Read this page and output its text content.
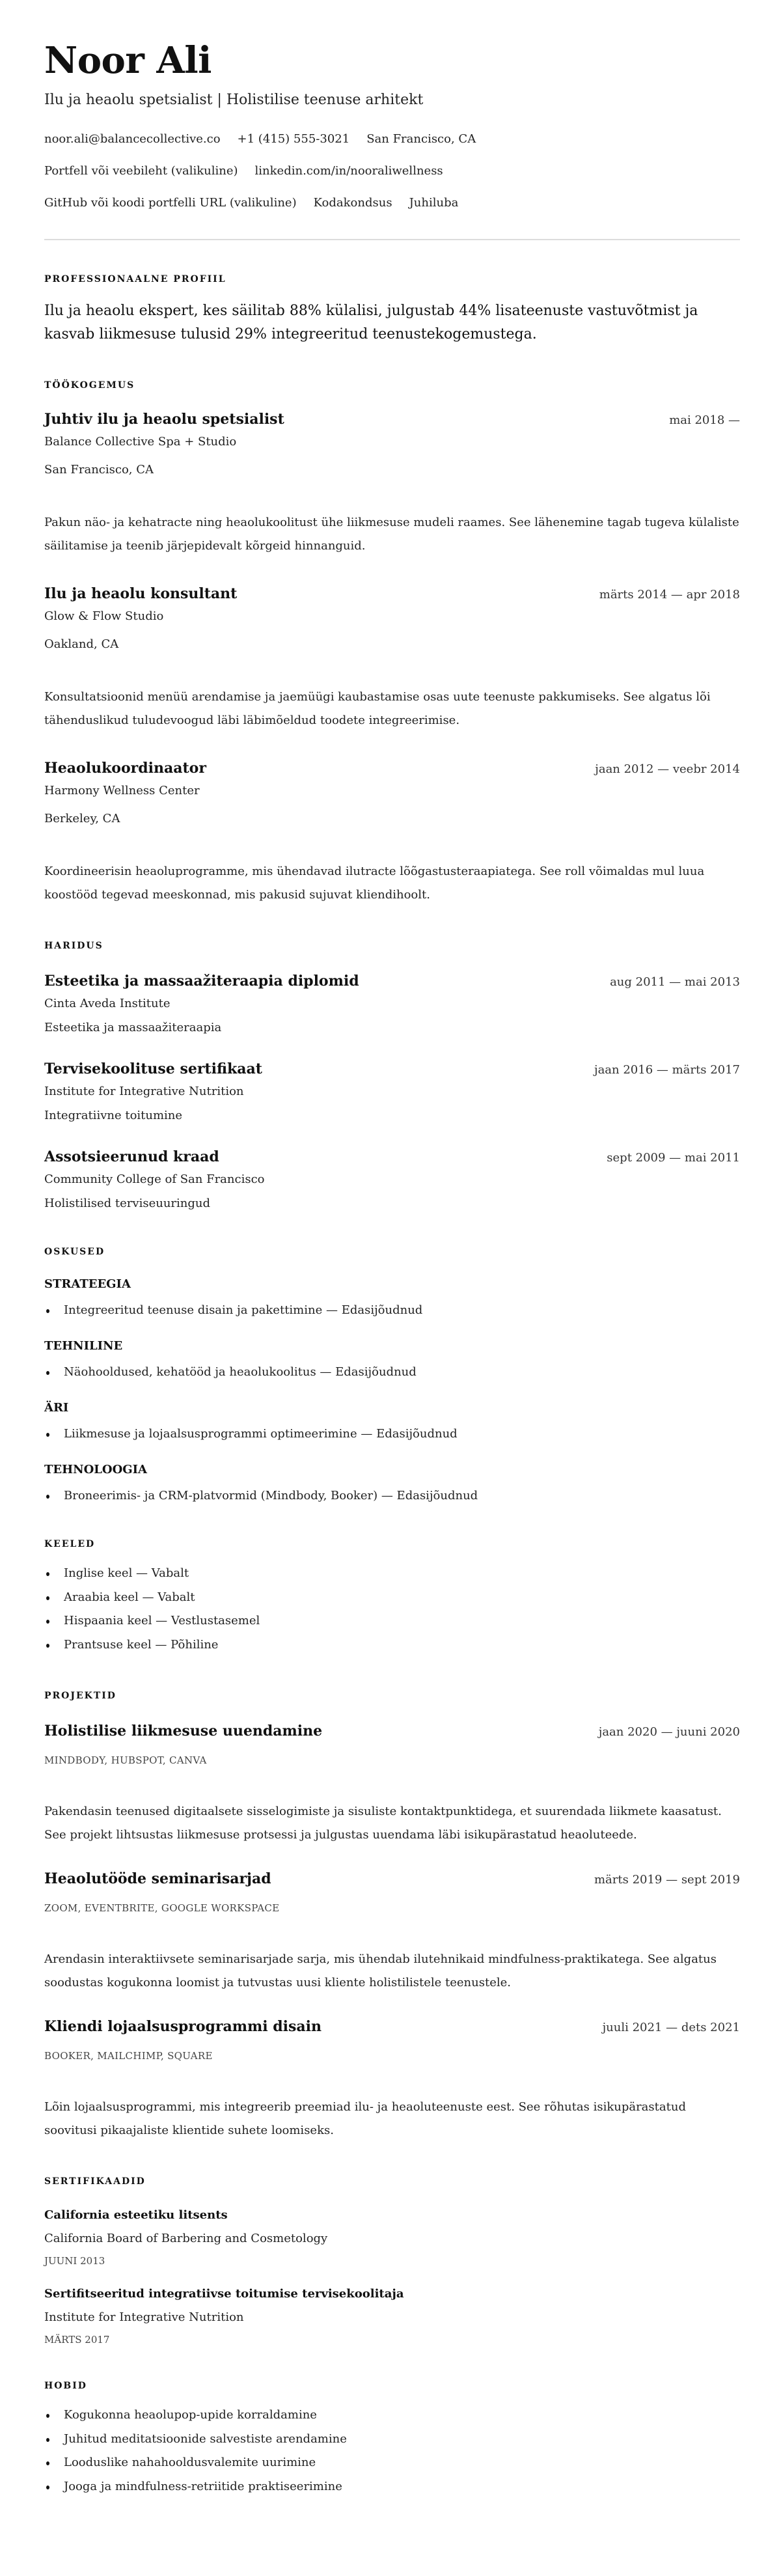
Noor Ali
Ilu ja heaolu spetsialist | Holistilise teenuse arhitekt
noor.ali@balancecollective.co +1 (415) 555-3021 San Francisco, CA
Portfell või veebileht (valikuline) linkedin.com/in/nooraliwellness
GitHub või koodi portfelli URL (valikuline) Kodakondsus Juhiluba
PROFESSIONAALNE PROFIIL
Ilu ja heaolu ekspert, kes säilitab 88% külalisi, julgustab 44% lisateenuste vastuvõtmist ja kasvab liikmesuse tulusid 29% integreeritud teenustekogemustega.
TÖÖKOGEMUS
Juhtiv ilu ja heaolu spetsialist	mai 2018 —
Balance Collective Spa + Studio
San Francisco, CA
Pakun näo- ja kehatracte ning heaolukoolitust ühe liikmesuse mudeli raames. See lähenemine tagab tugeva külaliste säilitamise ja teenib järjepidevalt kõrgeid hinnanguid.
Ilu ja heaolu konsultant	märts 2014 — apr 2018
Glow & Flow Studio
Oakland, CA
Konsultatsioonid menüü arendamise ja jaemüügi kaubastamise osas uute teenuste pakkumiseks. See algatus lõi tähenduslikud tuludevoogud läbi läbimõeldud toodete integreerimise.
Heaolukoordinaator	jaan 2012 — veebr 2014
Harmony Wellness Center
Berkeley, CA
Koordineerisin heaoluprogramme, mis ühendavad ilutracte lõõgastusteraapiatega. See roll võimaldas mul luua koostööd tegevad meeskonnad, mis pakusid sujuvat kliendihoolt.
HARIDUS
Esteetika ja massaažiteraapia diplomid	aug 2011 — mai 2013
Cinta Aveda Institute
Esteetika ja massaažiteraapia
Tervisekoolituse sertifikaat	jaan 2016 — märts 2017
Institute for Integrative Nutrition
Integratiivne toitumine
Assotsieerunud kraad	sept 2009 — mai 2011
Community College of San Francisco
Holistilised terviseuuringud
OSKUSED
STRATEEGIA
Integreeritud teenuse disain ja pakettimine — Edasijõudnud
TEHNILINE
Näohooldused, kehatööd ja heaolukoolitus — Edasijõudnud
ÄRI
Liikmesuse ja lojaalsusprogrammi optimeerimine — Edasijõudnud
TEHNOLOOGIA
Broneerimis- ja CRM-platvormid (Mindbody, Booker) — Edasijõudnud
KEELED
Inglise keel — Vabalt
Araabia keel — Vabalt
Hispaania keel — Vestlustasemel
Prantsuse keel — Põhiline
PROJEKTID
Holistilise liikmesuse uuendamine	jaan 2020 — juuni 2020
MINDBODY, HUBSPOT, CANVA
Pakendasin teenused digitaalsete sisselogimiste ja sisuliste kontaktpunktidega, et suurendada liikmete kaasatust. See projekt lihtsustas liikmesuse protsessi ja julgustas uuendama läbi isikupärastatud heaoluteede.
Heaolutööde seminarisarjad	märts 2019 — sept 2019
ZOOM, EVENTBRITE, GOOGLE WORKSPACE
Arendasin interaktiivsete seminarisarjade sarja, mis ühendab ilutehnikaid mindfulness-praktikatega. See algatus soodustas kogukonna loomist ja tutvustas uusi kliente holistilistele teenustele.
Kliendi lojaalsusprogrammi disain	juuli 2021 — dets 2021
BOOKER, MAILCHIMP, SQUARE
Lõin lojaalsusprogrammi, mis integreerib preemiad ilu- ja heaoluteenuste eest. See rõhutas isikupärastatud soovitusi pikaajaliste klientide suhete loomiseks.
SERTIFIKAADID
California esteetiku litsents
California Board of Barbering and Cosmetology
JUUNI 2013
Sertifitseeritud integratiivse toitumise tervisekoolitaja
Institute for Integrative Nutrition
MÄRTS 2017
HOBID
Kogukonna heaolupop-upide korraldamine
Juhitud meditatsioonide salvestiste arendamine
Looduslike nahahooldusvalemite uurimine
Jooga ja mindfulness-retriitide praktiseerimine
